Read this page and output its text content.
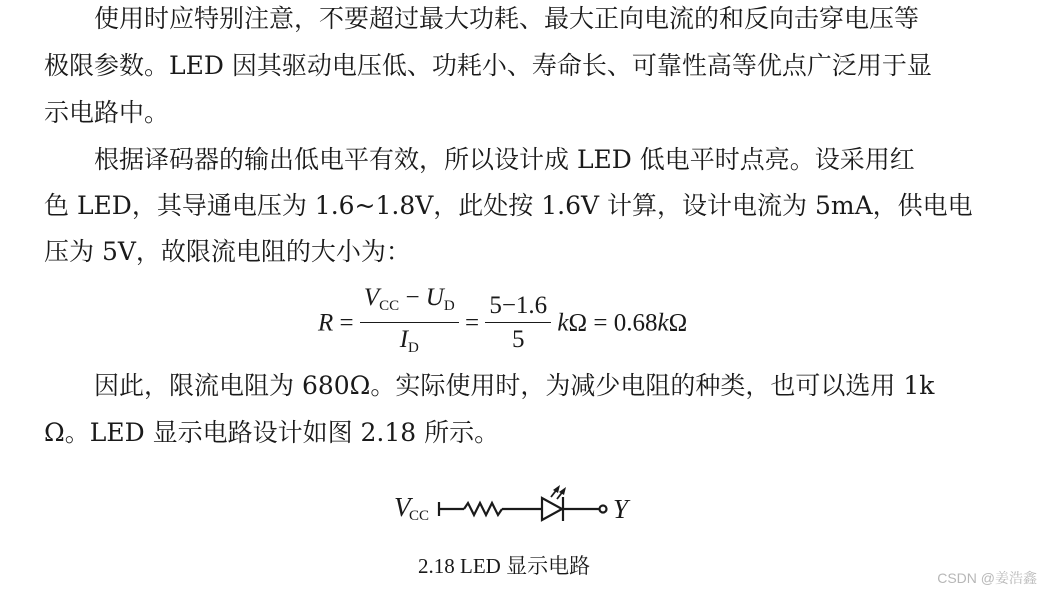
　　使用时应特别注意，不要超过最大功耗、最大正向电流的和反向击穿电压等
极限参数。LED 因其驱动电压低、功耗小、寿命长、可靠性高等优点广泛用于显
示电路中。
　　根据译码器的输出低电平有效，所以设计成 LED 低电平时点亮。设采用红
色 LED，其导通电压为 1.6~1.8V，此处按 1.6V 计算，设计电流为 5mA，供电电
压为 5V，故限流电阻的大小为：
$R = \frac{V_{CC} - U_D}{I_D} = \frac{5-1.6}{5}$ kΩ = 0.68kΩ
　　因此，限流电阻为 680Ω。实际使用时，为减少电阻的种类，也可以选用 1k
Ω。LED 显示电路设计如图 2.18 所示。
V
CC	Y
2.18 LED 显示电路	CSDN @姜浩鑫
